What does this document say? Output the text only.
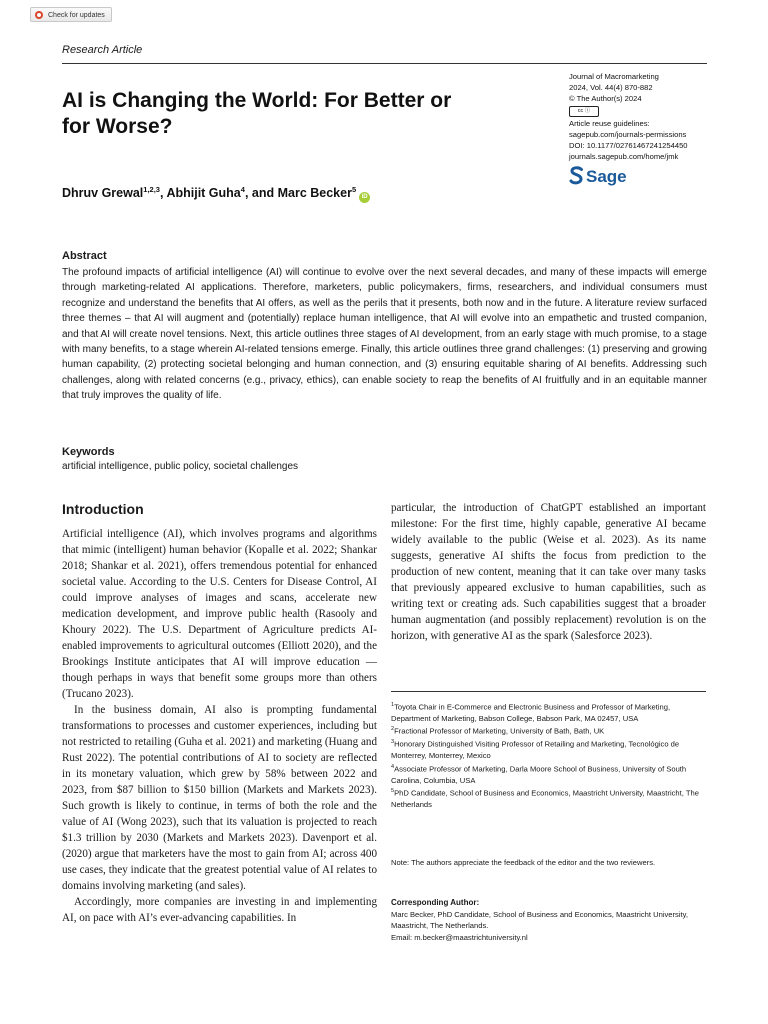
Check for updates
Research Article
AI is Changing the World: For Better or for Worse?
Journal of Macromarketing
2024, Vol. 44(4) 870-882
© The Author(s) 2024
cc ⓘ
Article reuse guidelines:
sagepub.com/journals-permissions
DOI: 10.1177/02761467241254450
journals.sagepub.com/home/jmk
Sage
Dhruv Grewal$^{1,2,3}$, Abhijit Guha$^4$, and Marc Becker$^5$iD
Abstract
The profound impacts of artificial intelligence (AI) will continue to evolve over the next several decades, and many of these impacts will emerge through marketing-related AI applications. Therefore, marketers, public policymakers, firms, researchers, and individual consumers must recognize and understand the benefits that AI offers, as well as the perils that it presents, both now and in the future. A literature review surfaced three themes – that AI will augment and (potentially) replace human intelligence, that AI will evolve into an empathetic and trusted companion, and that AI will create novel tensions. Next, this article outlines three stages of AI development, from an early stage with much promise, to a stage with many benefits, to a stage wherein AI-related tensions emerge. Finally, this article outlines three grand challenges: (1) preserving and growing human capability, (2) protecting societal belonging and human connection, and (3) ensuring equitable sharing of AI benefits. Addressing such challenges, along with related concerns (e.g., privacy, ethics), can enable society to reap the benefits of AI fruitfully and in an equitable manner that truly improves the quality of life.
Keywords
artificial intelligence, public policy, societal challenges
Introduction

Artificial intelligence (AI), which involves programs and algorithms that mimic (intelligent) human behavior (Kopalle et al. 2022; Shankar 2018; Shankar et al. 2021), offers tremendous potential for enhanced societal value. According to the U.S. Centers for Disease Control, AI could improve analyses of images and scans, accelerate new medication development, and improve public health (Rasooly and Khoury 2022). The U.S. Department of Agriculture predicts AI-enabled improvements to agricultural outcomes (Elliott 2020), and the Brookings Institute anticipates that AI will improve education —though perhaps in ways that benefit some groups more than others (Trucano 2023).

In the business domain, AI also is prompting fundamental transformations to processes and customer experiences, including but not restricted to retailing (Guha et al. 2021) and marketing (Huang and Rust 2022). The potential contributions of AI to society are reflected in its monetary valuation, which grew by 58% between 2022 and 2023, from $87 billion to $150 billion (Markets and Markets 2023). Such growth is likely to continue, in terms of both the role and the value of AI (Wong 2023), such that its valuation is projected to reach $1.3 trillion by 2030 (Markets and Markets 2023). Davenport et al. (2020) argue that marketers have the most to gain from AI; across 400 use cases, they indicate that the greatest potential value of AI relates to domains involving marketing (and sales).

Accordingly, more companies are investing in and implementing AI, on pace with AI’s ever-advancing capabilities. In

particular, the introduction of ChatGPT established an important milestone: For the first time, highly capable, generative AI became widely available to the public (Weise et al. 2023). As its name suggests, generative AI shifts the focus from prediction to the production of new content, meaning that it can take over many tasks that previously appeared exclusive to human capabilities, such as writing text or creating ads. Such capabilities suggest that a broader human augmentation (and possibly replacement) revolution is on the horizon, with generative AI as the spark (Salesforce 2023).

$^1$Toyota Chair in E-Commerce and Electronic Business and Professor of Marketing, Department of Marketing, Babson College, Babson Park, MA 02457, USA
$^2$Fractional Professor of Marketing, University of Bath, Bath, UK
$^3$Honorary Distinguished Visiting Professor of Retailing and Marketing, Tecnológico de Monterrey, Monterrey, Mexico
$^4$Associate Professor of Marketing, Darla Moore School of Business, University of South Carolina, Columbia, USA
$^5$PhD Candidate, School of Business and Economics, Maastricht University, Maastricht, The Netherlands
Note: The authors appreciate the feedback of the editor and the two reviewers.
Corresponding Author:
Marc Becker, PhD Candidate, School of Business and Economics, Maastricht University, Maastricht, The Netherlands.
Email: m.becker@maastrichtuniversity.nl
